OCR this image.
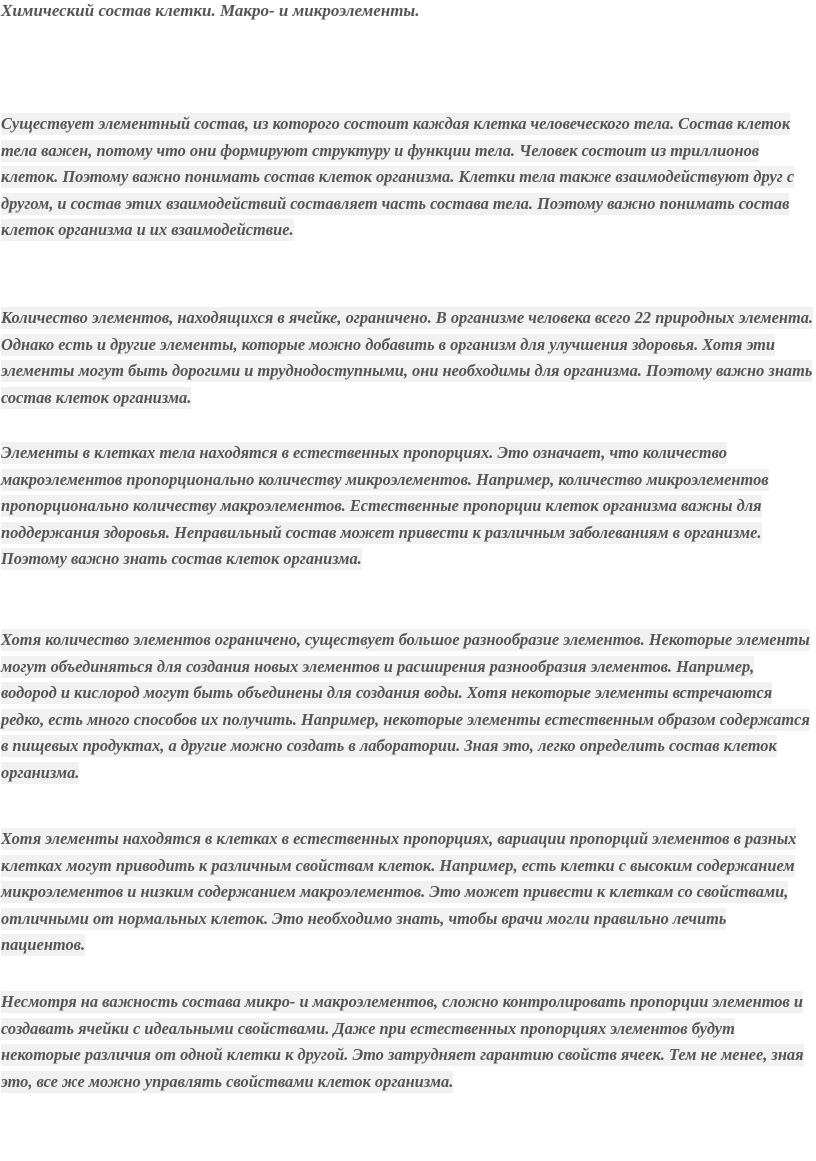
Химический состав клетки. Макро- и микроэлементы.

Существует элементный состав, из которого состоит каждая клетка человеческого тела. Состав клеток тела важен, потому что они формируют структуру и функции тела. Человек состоит из триллионов клеток. Поэтому важно понимать состав клеток организма. Клетки тела также взаимодействуют друг с другом, и состав этих взаимодействий составляет часть состава тела. Поэтому важно понимать состав клеток организма и их взаимодействие.

Количество элементов, находящихся в ячейке, ограничено. В организме человека всего 22 природных элемента. Однако есть и другие элементы, которые можно добавить в организм для улучшения здоровья. Хотя эти элементы могут быть дорогими и труднодоступными, они необходимы для организма. Поэтому важно знать состав клеток организма.

Элементы в клетках тела находятся в естественных пропорциях. Это означает, что количество макроэлементов пропорционально количеству микроэлементов. Например, количество микроэлементов пропорционально количеству макроэлементов. Естественные пропорции клеток организма важны для поддержания здоровья. Неправильный состав может привести к различным заболеваниям в организме. Поэтому важно знать состав клеток организма.

Хотя количество элементов ограничено, существует большое разнообразие элементов. Некоторые элементы могут объединяться для создания новых элементов и расширения разнообразия элементов. Например, водород и кислород могут быть объединены для создания воды. Хотя некоторые элементы встречаются редко, есть много способов их получить. Например, некоторые элементы естественным образом содержатся в пищевых продуктах, а другие можно создать в лаборатории. Зная это, легко определить состав клеток организма.

Хотя элементы находятся в клетках в естественных пропорциях, вариации пропорций элементов в разных клетках могут приводить к различным свойствам клеток. Например, есть клетки с высоким содержанием микроэлементов и низким содержанием макроэлементов. Это может привести к клеткам со свойствами, отличными от нормальных клеток. Это необходимо знать, чтобы врачи могли правильно лечить пациентов.

Несмотря на важность состава микро- и макроэлементов, сложно контролировать пропорции элементов и создавать ячейки с идеальными свойствами. Даже при естественных пропорциях элементов будут некоторые различия от одной клетки к другой. Это затрудняет гарантию свойств ячеек. Тем не менее, зная это, все же можно управлять свойствами клеток организма.
